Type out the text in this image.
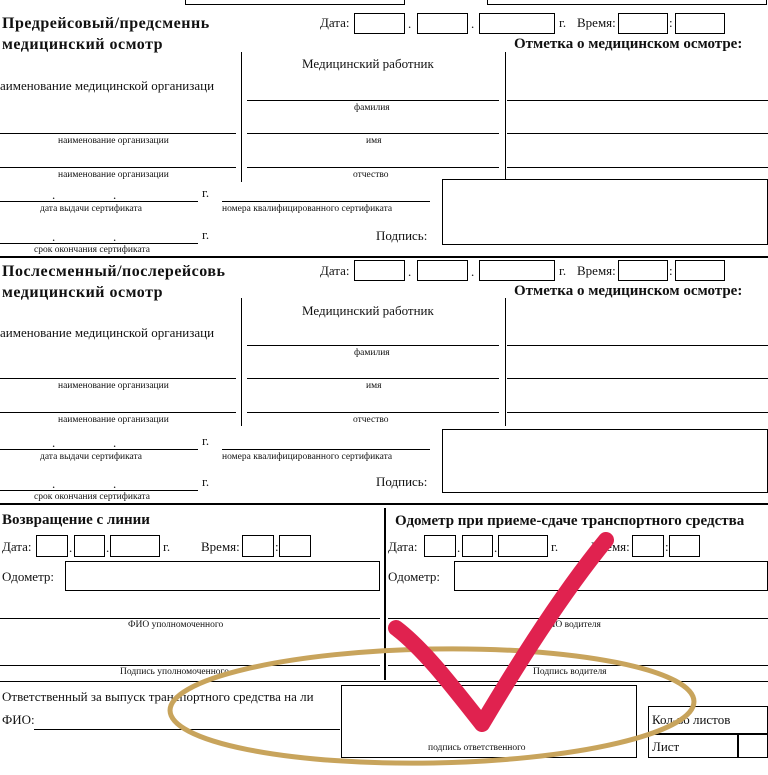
Предрейсовый/предсменнь
медицинский осмотр
Дата:	.	.	г. Время:	:
Отметка о медицинском осмотре:
Медицинский работник
аименование медицинской организаци
фамилия
наименование организации	имя
наименование организации	отчество
.	.	г.
дата выдачи сертификата	номера квалифицированного сертификата
.	.	г.	Подпись:
срок окончания сертификата
Послесменный/послерейсовь
медицинский осмотр
Дата:	.	.	г. Время:	:
Отметка о медицинском осмотре:
Медицинский работник
аименование медицинской организаци
фамилия
наименование организации	имя
наименование организации	отчество
.	.	г.
дата выдачи сертификата	номера квалифицированного сертификата
.	.	г.	Подпись:
срок окончания сертификата
Возвращение с линии
Дата:	.	.	г. Время:	:
Одометр:
ФИО уполномоченного
Подпись уполномоченного
Одометр при приеме-сдаче транспортного средства
Дата:	.	.	г.	Время:	:
Одометр:
ФИО водителя
Подпись водителя
Ответственный за выпуск транспортного средства на ли
ФИО:
подпись ответственного
Кол-во листов
Лист
